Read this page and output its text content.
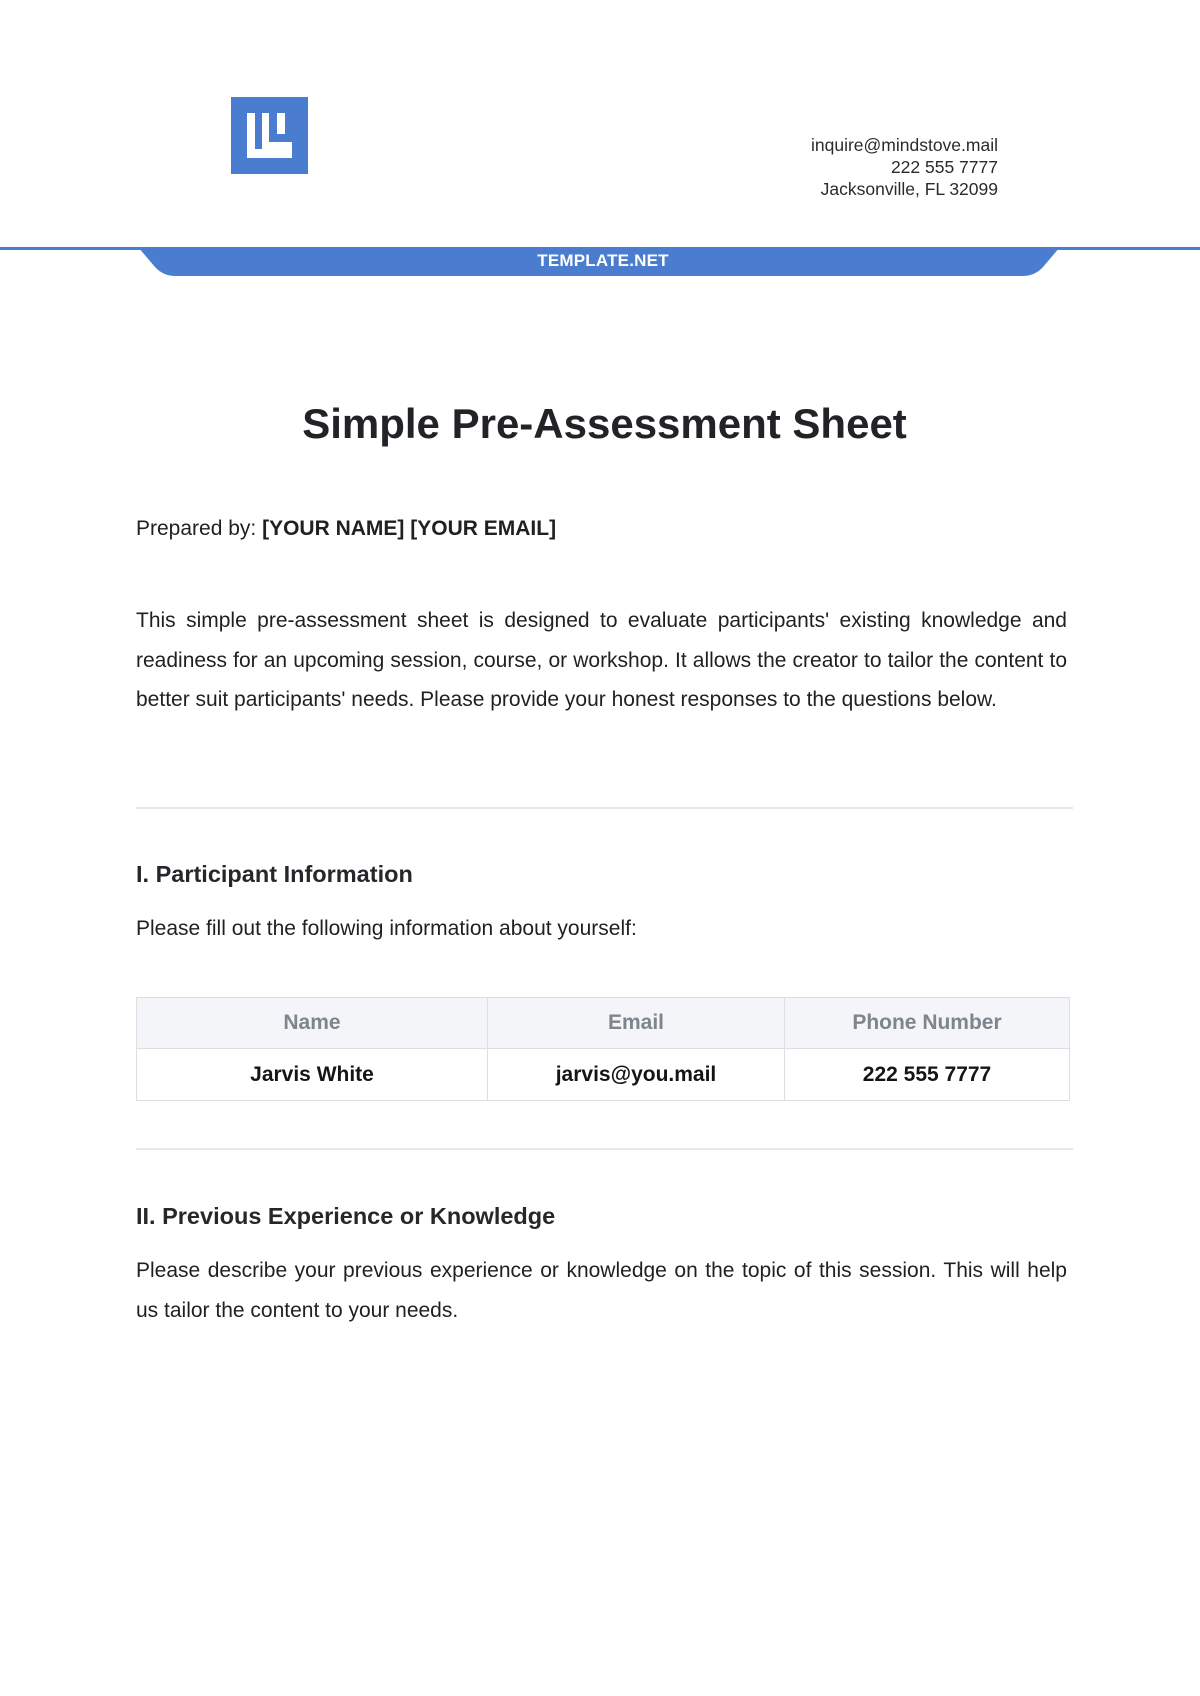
inquire@mindstove.mail
222 555 7777
Jacksonville, FL 32099
TEMPLATE.NET
Simple Pre-Assessment Sheet
Prepared by: [YOUR NAME] [YOUR EMAIL]

This simple pre-assessment sheet is designed to evaluate participants' existing knowledge and readiness for an upcoming session, course, or workshop. It allows the creator to tailor the content to better suit participants' needs. Please provide your honest responses to the questions below.

I. Participant Information

Please fill out the following information about yourself:

Name	Email	Phone Number
Jarvis White	jarvis@you.mail	222 555 7777
II. Previous Experience or Knowledge

Please describe your previous experience or knowledge on the topic of this session. This will help us tailor the content to your needs.
